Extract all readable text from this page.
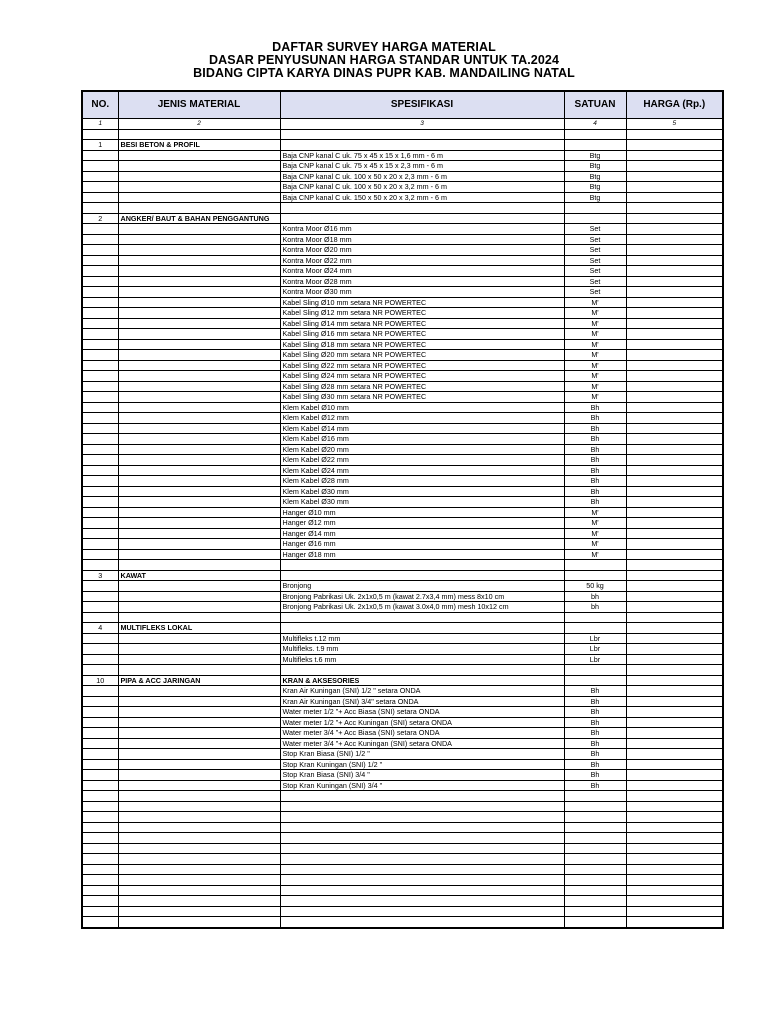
DAFTAR SURVEY HARGA MATERIAL
DASAR PENYUSUNAN HARGA STANDAR UNTUK TA.2024
BIDANG CIPTA KARYA DINAS PUPR KAB. MANDAILING NATAL
NO.	JENIS MATERIAL	SPESIFIKASI	SATUAN	HARGA (Rp.)
1	2	3	4	5

1	BESI BETON & PROFIL			
		Baja CNP kanal C uk. 75 x 45 x 15 x 1,6 mm - 6 m	Btg	
		Baja CNP kanal C uk. 75 x 45 x 15 x 2,3 mm - 6 m	Btg	
		Baja CNP kanal C uk. 100 x 50 x 20 x 2,3 mm - 6 m	Btg	
		Baja CNP kanal C uk. 100 x 50 x 20 x 3,2 mm - 6 m	Btg	
		Baja CNP kanal C uk. 150 x 50 x 20 x 3,2 mm - 6 m	Btg	

2	ANGKER/ BAUT & BAHAN PENGGANTUNG			
		Kontra Moor Ø16 mm	Set	
		Kontra Moor Ø18 mm	Set	
		Kontra Moor Ø20 mm	Set	
		Kontra Moor Ø22 mm	Set	
		Kontra Moor Ø24 mm	Set	
		Kontra Moor Ø28 mm	Set	
		Kontra Moor Ø30 mm	Set	
		Kabel Sling Ø10 mm setara NR POWERTEC	M'	
		Kabel Sling Ø12 mm setara NR POWERTEC	M'	
		Kabel Sling Ø14 mm setara NR POWERTEC	M'	
		Kabel Sling Ø16 mm setara NR POWERTEC	M'	
		Kabel Sling Ø18 mm setara NR POWERTEC	M'	
		Kabel Sling Ø20 mm setara NR POWERTEC	M'	
		Kabel Sling Ø22 mm setara NR POWERTEC	M'	
		Kabel Sling Ø24 mm setara NR POWERTEC	M'	
		Kabel Sling Ø28 mm setara NR POWERTEC	M'	
		Kabel Sling Ø30 mm setara NR POWERTEC	M'	
		Klem Kabel Ø10 mm	Bh	
		Klem Kabel Ø12 mm	Bh	
		Klem Kabel Ø14 mm	Bh	
		Klem Kabel Ø16 mm	Bh	
		Klem Kabel Ø20 mm	Bh	
		Klem Kabel Ø22 mm	Bh	
		Klem Kabel Ø24 mm	Bh	
		Klem Kabel Ø28 mm	Bh	
		Klem Kabel Ø30 mm	Bh	
		Klem Kabel Ø30 mm	Bh	
		Hanger Ø10 mm	M'	
		Hanger Ø12 mm	M'	
		Hanger Ø14 mm	M'	
		Hanger Ø16 mm	M'	
		Hanger Ø18 mm	M'	

3	KAWAT			
		Bronjong	50 kg	
		Bronjong Pabrikasi Uk. 2x1x0,5 m (kawat 2.7x3,4 mm) mess 8x10 cm	bh	
		Bronjong Pabrikasi Uk. 2x1x0,5 m (kawat 3.0x4,0 mm) mesh 10x12 cm	bh	

4	MULTIFLEKS LOKAL			
		Multifleks t.12 mm	Lbr	
		Multifleks. t.9 mm	Lbr	
		Multifleks t.6 mm	Lbr	

10	PIPA & ACC JARINGAN	KRAN & AKSESORIES		
		Kran Air Kuningan (SNI) 1/2 " setara ONDA	Bh	
		Kran Air Kuningan (SNI) 3/4" setara ONDA	Bh	
		Water meter 1/2 "+ Acc Biasa (SNI) setara ONDA	Bh	
		Water meter 1/2 "+ Acc Kuningan (SNI) setara ONDA	Bh	
		Water meter 3/4 "+ Acc Biasa (SNI) setara ONDA	Bh	
		Water meter 3/4 "+ Acc Kuningan (SNI) setara ONDA	Bh	
		Stop Kran Biasa (SNI) 1/2 "	Bh	
		Stop Kran Kuningan (SNI) 1/2 "	Bh	
		Stop Kran Biasa (SNI) 3/4 "	Bh	
		Stop Kran Kuningan (SNI) 3/4 "	Bh	
